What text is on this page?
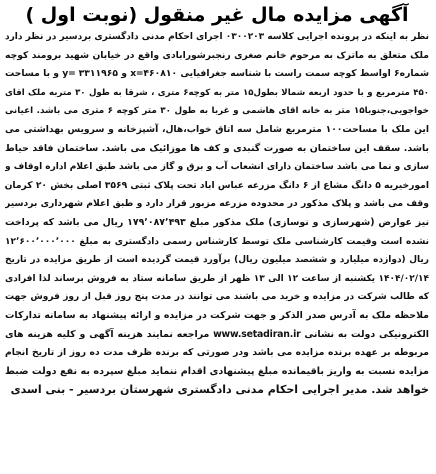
آگهی مزایده مال غیر منقول (نوبت اول )
نظر به اینکه در پرونده اجرایی کلاسه ۰۳۰۰۲۰۳ اجرای احکام مدنی دادگستری بردسیر در نظر دارد
ملک متعلق به ماترک به مرحوم خانم صغری رنجبرشورابادی واقع در خیابان شهید برومند کوچه
شماره۶ اواسط کوچه سمت راست با شناسه جغرافیایی x=۴۶۰۸۱۰ و y= ۳۳۱۱۹۶۵ و با مساحت
۴۵۰ مترمربع و با حدود اربعه شمالا بطول۱۵ متر به کوچه۶ متری ، شرقا به طول ۳۰ متربه ملک اقای
خواجویی،جنوبا۱۵ متر به خانه اقای هاشمی و غربا به طول ۳۰ متر کوچه ۶ متری می باشد. اعیانی
این ملک با مساحت۱۰۰ مترمربع شامل سه اتاق خواب،هال، آشپزخانه و سرویس بهداشتی می
باشد. سقف این ساختمان به صورت گنبدی و کف ها موزائیک می باشد. ساختمان فاقد حیاط
سازی و نما می باشد ساختمان دارای انشعاب آب و برق و گاز می باشد طبق اعلام اداره اوقاف و
امورخیریه ۵ دانگ مشاع از ۶ دانگ مزرعه عباس اباد تحت پلاک ثبتی ۳۵۶۹ اصلی بخش ۲۰ کرمان
وقف می باشد و پلاک مذکور در محدوده مزرعه مزبور قرار دارد و طبق اعلام شهرداری بردسیر
نیز عوارض (شهرسازی و نوسازی) ملک مذکور مبلغ ۱۷۹٬۰۸۷٬۴۹۳ ریال می باشد که پرداخت
نشده است وقیمت کارشناسی ملک توسط کارشناس رسمی دادگستری به مبلغ ۱۲٬۶۰۰٬۰۰۰٬۰۰۰
ریال (دوازده میلیارد و ششصد میلیون ریال) برآورد قیمت گردیده است از طریق مزایده در تاریخ
۱۴۰۴/۰۲/۱۴ یکشنبه از ساعت ۱۲ الی ۱۳ ظهر از طریق سامانه ستاد به فروش برساند لذا افرادی
که طالب شرکت در مزایده و خرید می باشند می توانند در مدت پنج روز قبل از روز فروش جهت
ملاحظه ملک به آدرس صدر الذکر و جهت شرکت در مزایده و ارائه پیشنهاد به سامانه تدارکات
الکترونیکی دولت به نشانی www.setadiran.ir مراجعه نمایند هزینه آگهی و کلیه هزینه های
مربوطه بر عهده برنده مزایده می باشد ودر صورتی که برنده ظرف مدت ده روز از تاریخ انجام
مزایده نسبت به واریز باقیمانده مبلغ پیشنهادی اقدام ننماید مبلغ سپرده به نفع دولت ضبط
خواهد شد. مدیر اجرایی احکام مدنی دادگستری شهرستان بردسیر - بنی اسدی
